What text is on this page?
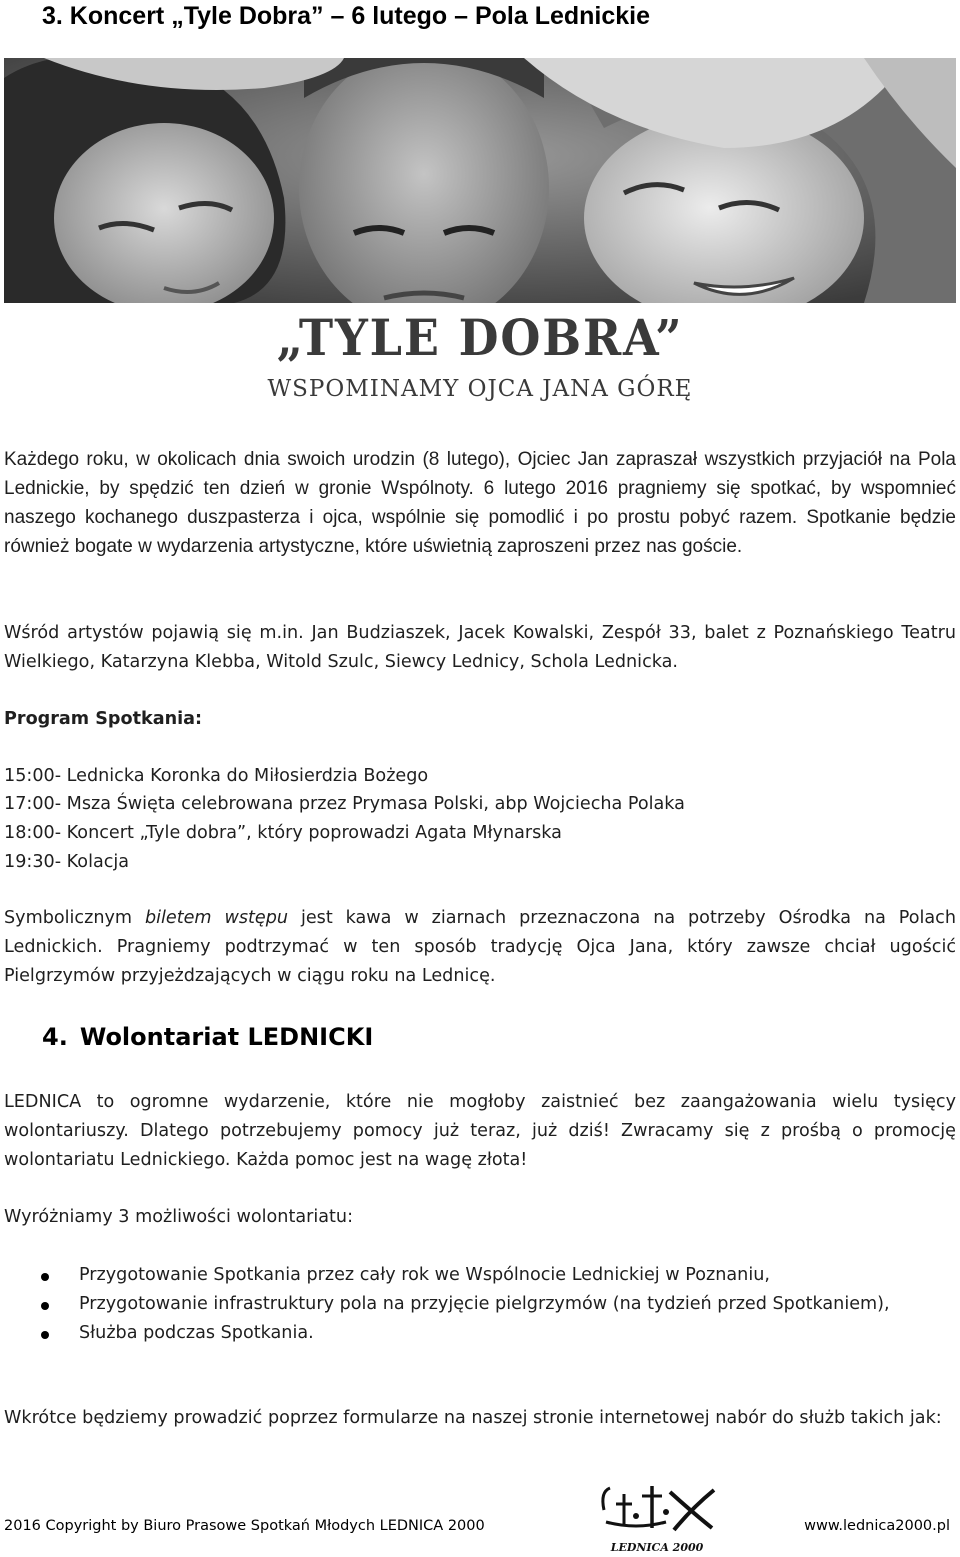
3. Koncert „Tyle Dobra” – 6 lutego – Pola Lednickie
„TYLE DOBRA”
WSPOMINAMY OJCA JANA GÓRĘ

Każdego roku, w okolicach dnia swoich urodzin (8 lutego), Ojciec Jan zapraszał wszystkich przyjaciół na Pola Lednickie, by spędzić ten dzień w gronie Wspólnoty. 6 lutego 2016 pragniemy się spotkać, by wspomnieć naszego kochanego duszpasterza i ojca, wspólnie się pomodlić i po prostu pobyć razem. Spotkanie będzie również bogate w wydarzenia artystyczne, które uświetnią zaproszeni przez nas goście.

Wśród artystów pojawią się m.in. Jan Budziaszek, Jacek Kowalski, Zespół 33, balet z Poznańskiego Teatru Wielkiego, Katarzyna Klebba, Witold Szulc, Siewcy Lednicy, Schola Lednicka.

Program Spotkania:
15:00- Lednicka Koronka do Miłosierdzia Bożego
17:00- Msza Święta celebrowana przez Prymasa Polski, abp Wojciecha Polaka
18:00- Koncert „Tyle dobra”, który poprowadzi Agata Młynarska
19:30- Kolacja

Symbolicznym biletem wstępu jest kawa w ziarnach przeznaczona na potrzeby Ośrodka na Polach Lednickich. Pragniemy podtrzymać w ten sposób tradycję Ojca Jana, który zawsze chciał ugościć Pielgrzymów przyjeżdzających w ciągu roku na Lednicę.

4. Wolontariat LEDNICKI

LEDNICA to ogromne wydarzenie, które nie mogłoby zaistnieć bez zaangażowania wielu tysięcy wolontariuszy. Dlatego potrzebujemy pomocy już teraz, już dziś! Zwracamy się z prośbą o promocję wolontariatu Lednickiego. Każda pomoc jest na wagę złota!

Wyróżniamy 3 możliwości wolontariatu:
Przygotowanie Spotkania przez cały rok we Wspólnocie Lednickiej w Poznaniu,
Przygotowanie infrastruktury pola na przyjęcie pielgrzymów (na tydzień przed Spotkaniem),
Służba podczas Spotkania.

Wkrótce będziemy prowadzić poprzez formularze na naszej stronie internetowej nabór do służb takich jak:

2016 Copyright by Biuro Prasowe Spotkań Młodych LEDNICA 2000
LEDNICA 2000
www.lednica2000.pl
